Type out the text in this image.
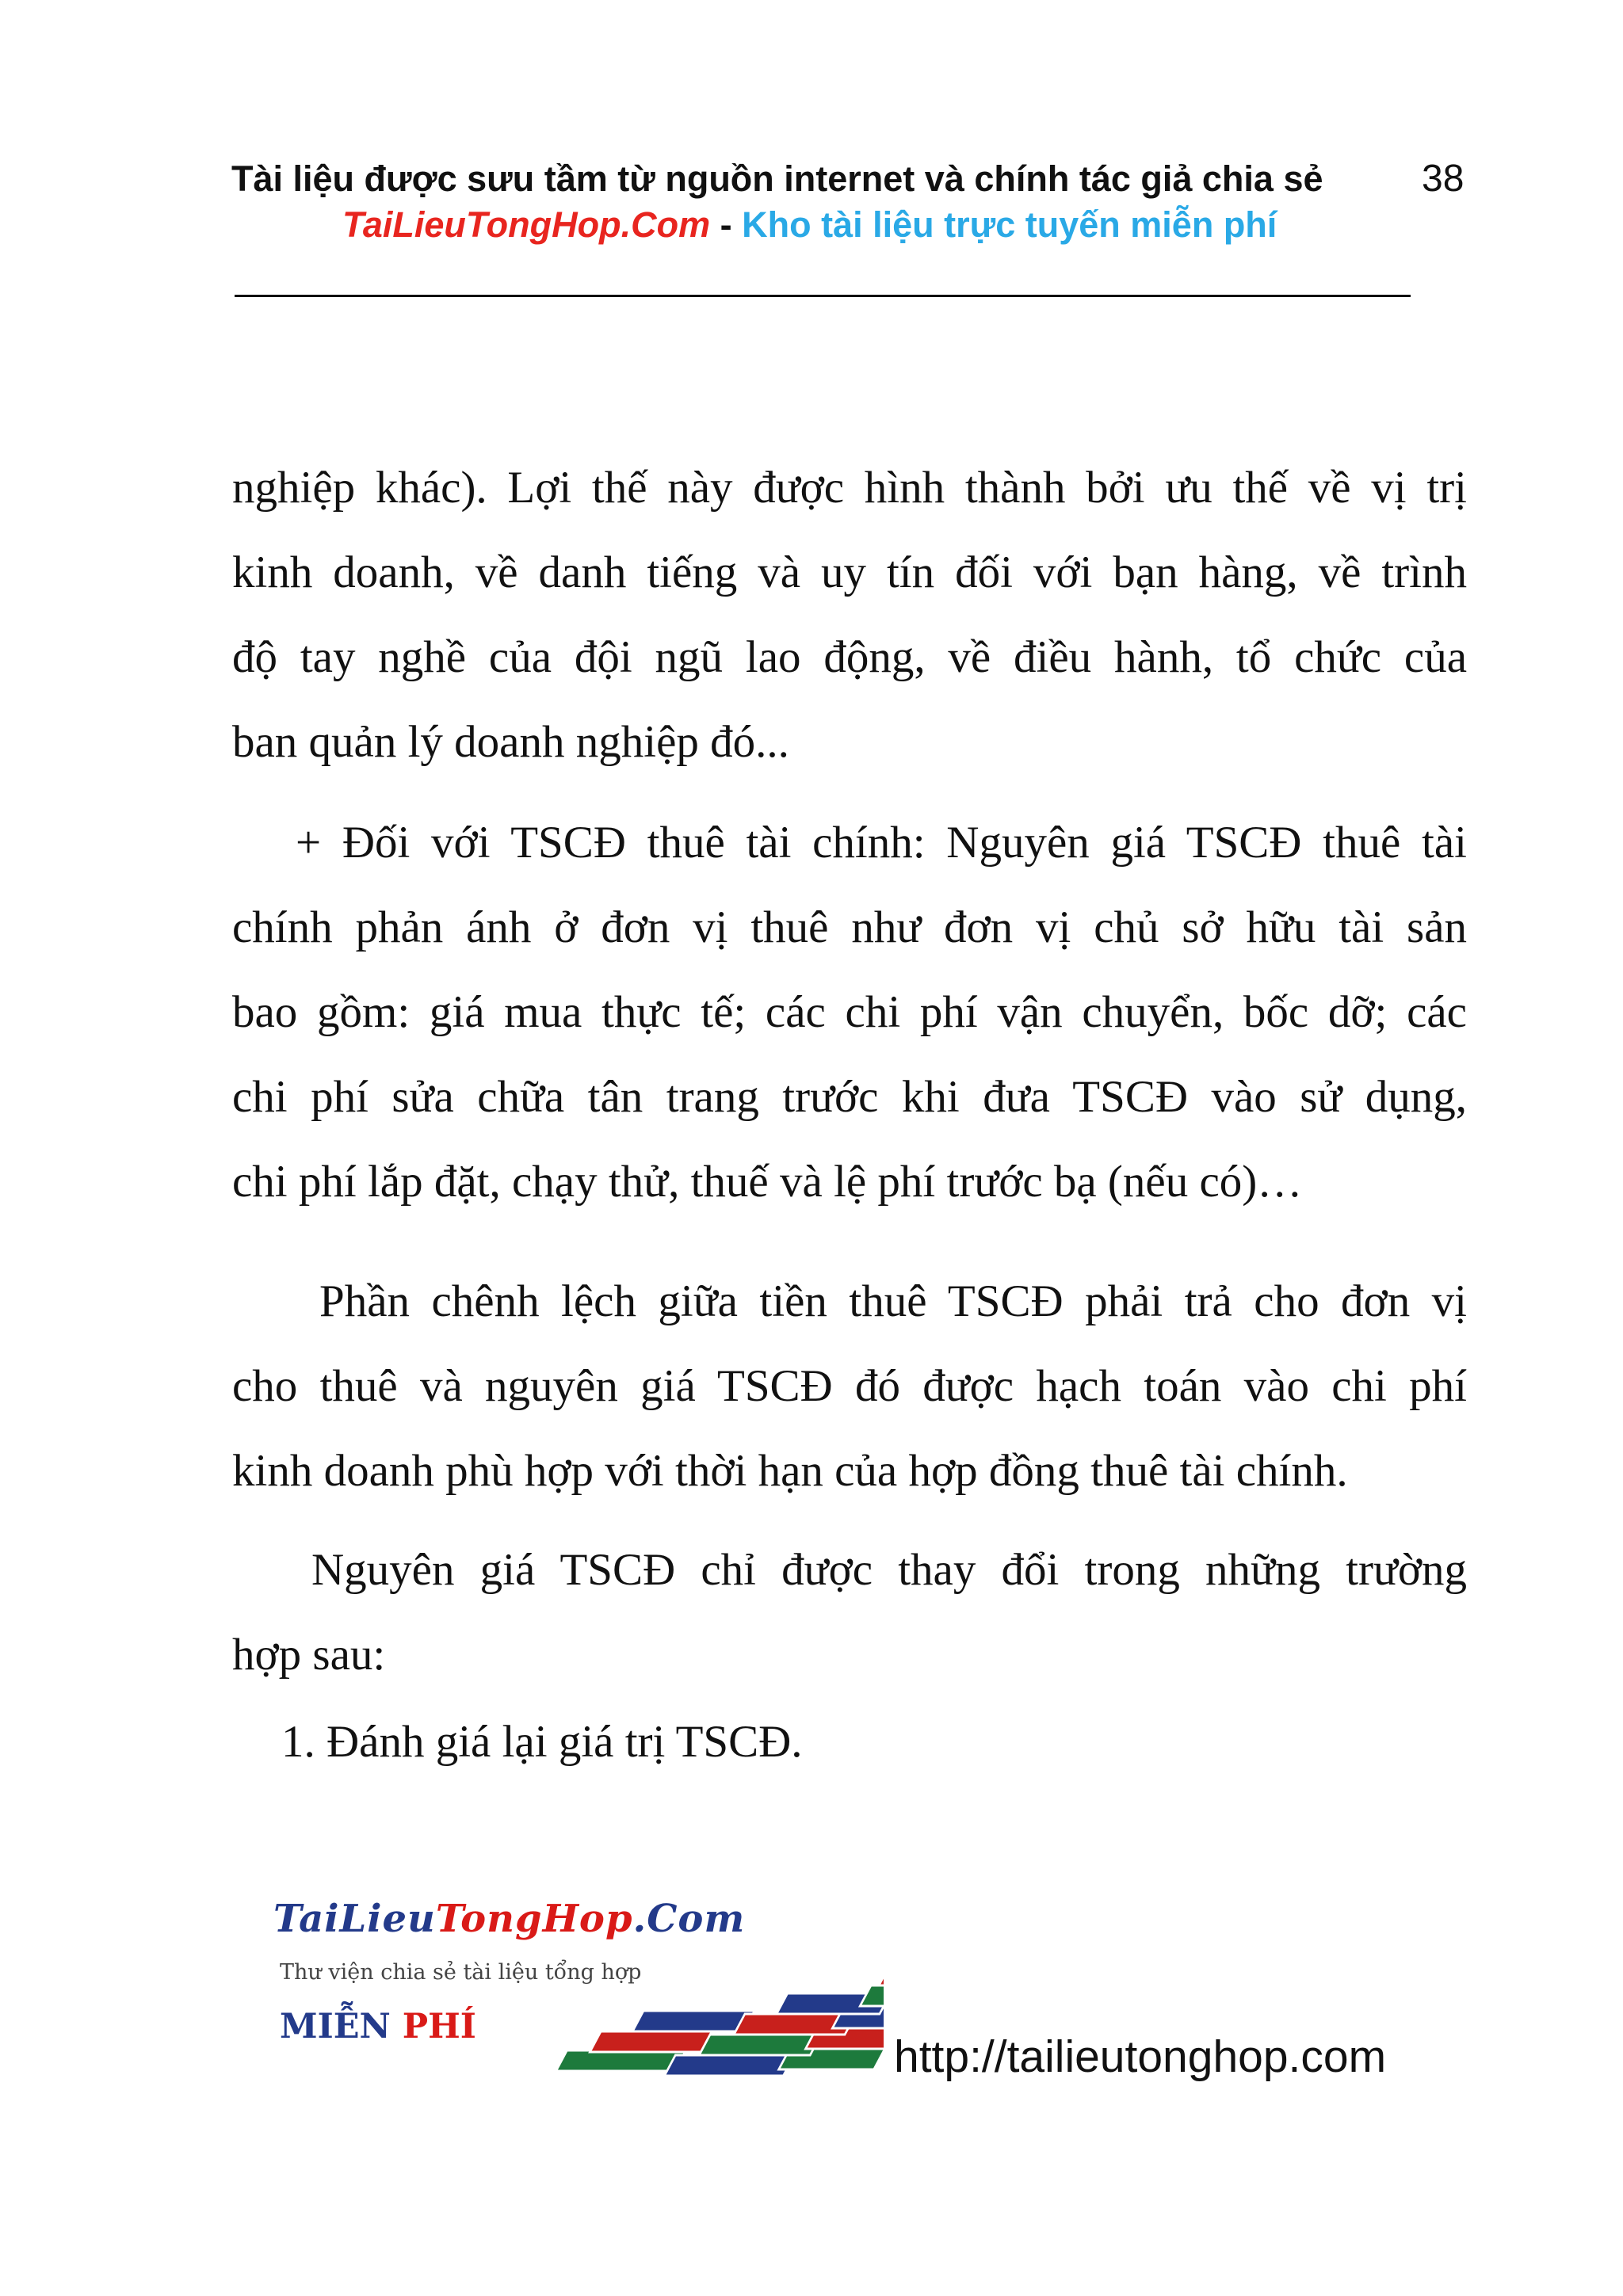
Tài liệu được sưu tầm từ nguồn internet và chính tác giả chia sẻ	38
TaiLieuTongHop.Com - Kho tài liệu trực tuyến miễn phí
nghiệp khác). Lợi thế này được hình thành bởi ưu thế về vị trị
kinh doanh, về danh tiếng và uy tín đối với bạn hàng, về trình
độ tay nghề của đội ngũ lao động, về điều hành, tổ chức của
ban quản lý doanh nghiệp đó...
+ Đối với TSCĐ thuê tài chính: Nguyên giá TSCĐ thuê tài
chính phản ánh ở đơn vị thuê như đơn vị chủ sở hữu tài sản
bao gồm: giá mua thực tế; các chi phí vận chuyển, bốc dỡ; các
chi phí sửa chữa tân trang trước khi đưa TSCĐ vào sử dụng,
chi phí lắp đặt, chạy thử, thuế và lệ phí trước bạ (nếu có)…
Phần chênh lệch giữa tiền thuê TSCĐ phải trả cho đơn vị
cho thuê và nguyên giá TSCĐ đó được hạch toán vào chi phí
kinh doanh phù hợp với thời hạn của hợp đồng thuê tài chính.
Nguyên giá TSCĐ chỉ được thay đổi trong những trường
hợp sau:
1. Đánh giá lại giá trị TSCĐ.
TaiLieuTongHop.Com
Thư viện chia sẻ tài liệu tổng hợp
MIỄN PHÍ
http://tailieutonghop.com
